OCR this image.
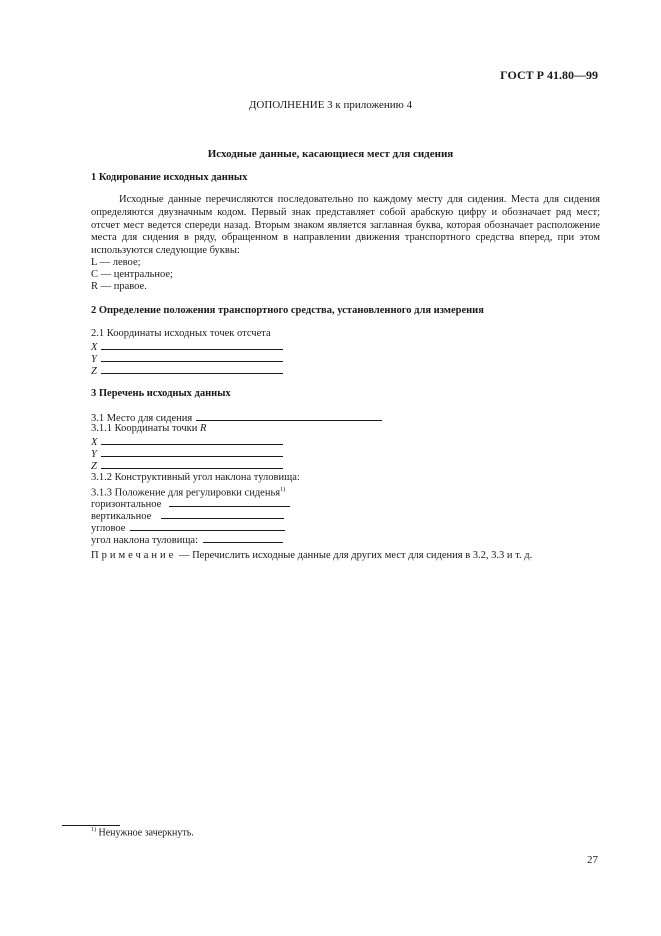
ГОСТ Р 41.80—99
ДОПОЛНЕНИЕ 3 к приложению 4
Исходные данные, касающиеся мест для сидения
1 Кодирование исходных данных
Исходные данные перечисляются последовательно по каждому месту для сидения. Места для сидения определяются двузначным кодом. Первый знак представляет собой арабскую цифру и обозначает ряд мест; отсчет мест ведется спереди назад. Вторым знаком является заглавная буква, которая обозначает расположение места для сидения в ряду, обращенном в направлении движения транспортного средства вперед, при этом используются следующие буквы:
L — левое;
С — центральное;
R — правое.
2 Определение положения транспортного средства, установленного для измерения
2.1 Координаты исходных точек отсчета
X
Y
Z
3 Перечень исходных данных
3.1 Место для сидения
3.1.1 Координаты точки R
X
Y
Z
3.1.2 Конструктивный угол наклона туловища:
3.1.3 Положение для регулировки сиденья$^{1)}$
горизонтальное
вертикальное
угловое
угол наклона туловища:
Примечание — Перечислить исходные данные для других мест для сидения в 3.2, 3.3 и т. д.
$^{1)}$ Ненужное зачеркнуть.
27
